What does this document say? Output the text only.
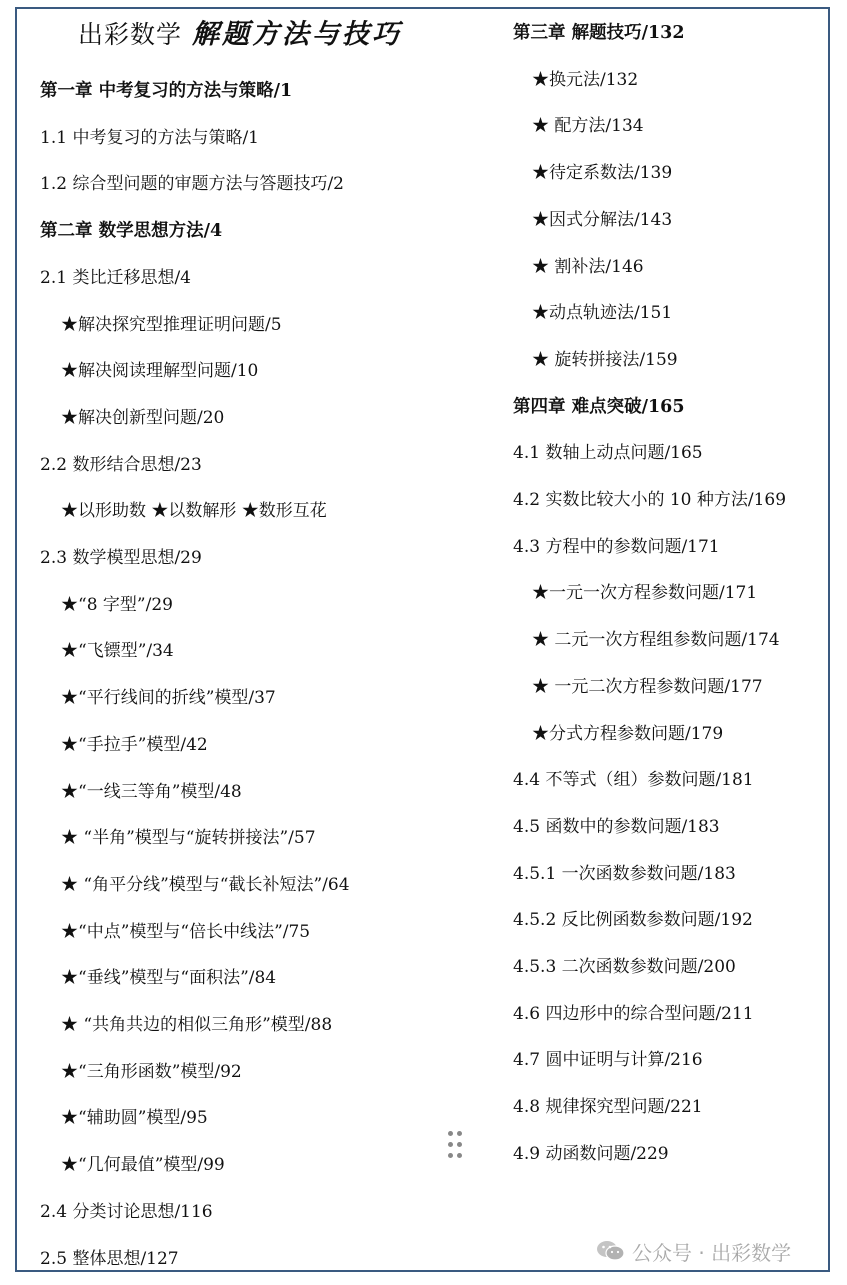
出彩数学 解题方法与技巧
第一章 中考复习的方法与策略/1
1.1 中考复习的方法与策略/1
1.2 综合型问题的审题方法与答题技巧/2
第二章 数学思想方法/4
2.1 类比迁移思想/4
★解决探究型推理证明问题/5
★解决阅读理解型问题/10
★解决创新型问题/20
2.2 数形结合思想/23
★以形助数 ★以数解形 ★数形互花
2.3 数学模型思想/29
★“8 字型”/29
★“飞镖型”/34
★“平行线间的折线”模型/37
★“手拉手”模型/42
★“一线三等角”模型/48
★ “半角”模型与“旋转拼接法”/57
★ “角平分线”模型与“截长补短法”/64
★“中点”模型与“倍长中线法”/75
★“垂线”模型与“面积法”/84
★ “共角共边的相似三角形”模型/88
★“三角形函数”模型/92
★“辅助圆”模型/95
★“几何最值”模型/99
2.4 分类讨论思想/116
2.5 整体思想/127
第三章 解题技巧/132
★换元法/132
★ 配方法/134
★待定系数法/139
★因式分解法/143
★ 割补法/146
★动点轨迹法/151
★ 旋转拼接法/159
第四章 难点突破/165
4.1 数轴上动点问题/165
4.2 实数比较大小的 10 种方法/169
4.3 方程中的参数问题/171
★一元一次方程参数问题/171
★ 二元一次方程组参数问题/174
★ 一元二次方程参数问题/177
★分式方程参数问题/179
4.4 不等式（组）参数问题/181
4.5 函数中的参数问题/183
4.5.1 一次函数参数问题/183
4.5.2 反比例函数参数问题/192
4.5.3 二次函数参数问题/200
4.6 四边形中的综合型问题/211
4.7 圆中证明与计算/216
4.8 规律探究型问题/221
4.9 动函数问题/229
公众号 · 出彩数学
